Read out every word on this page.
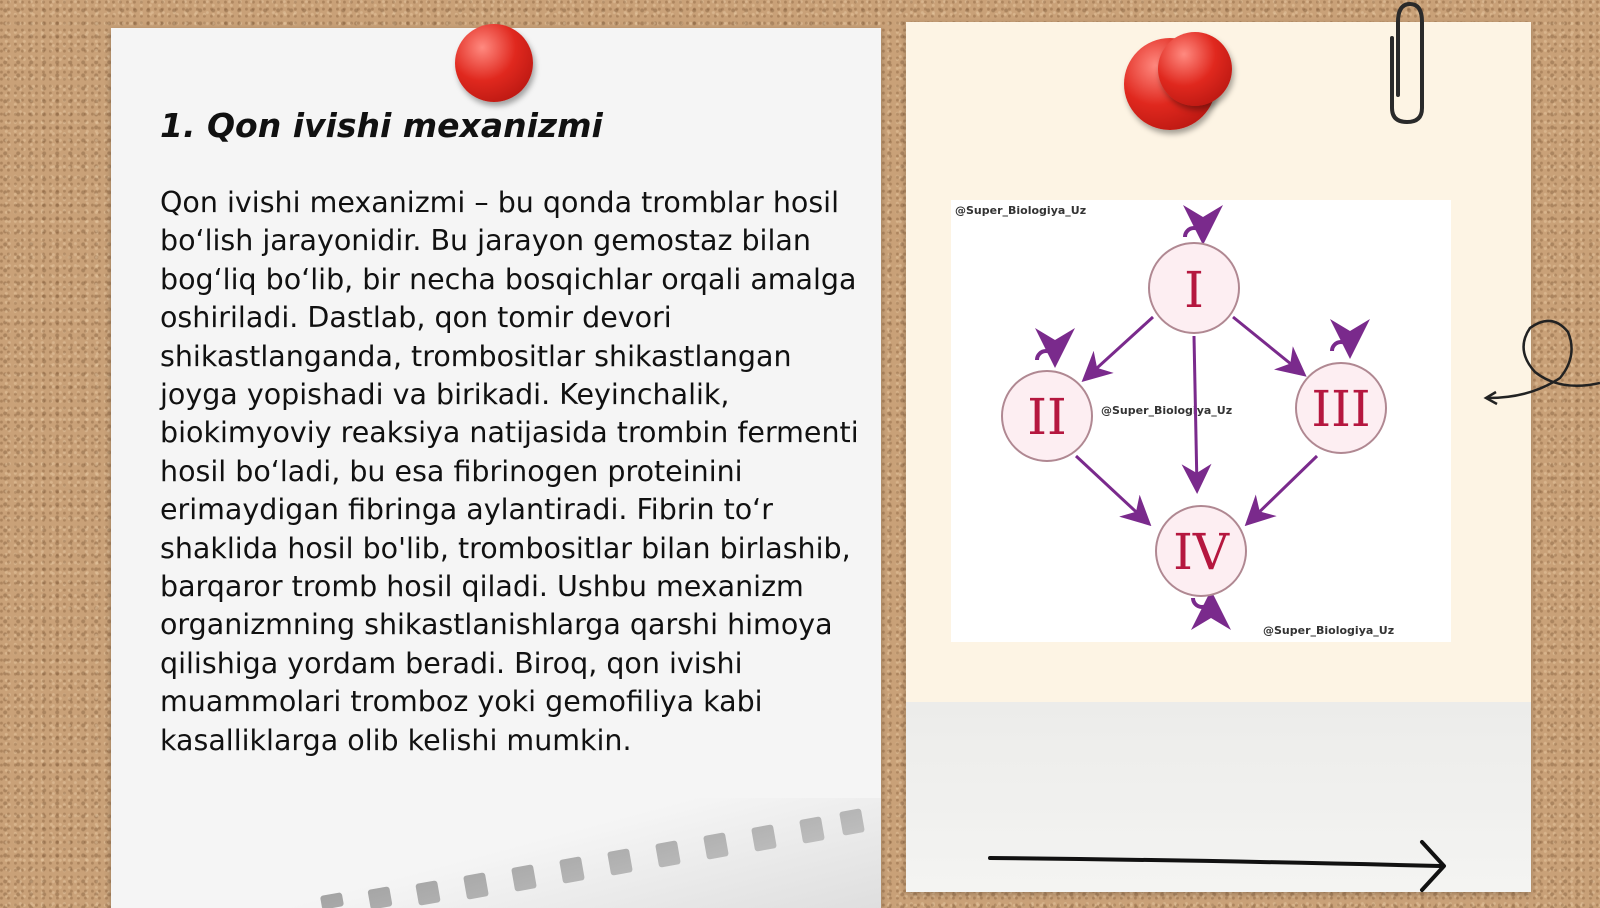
1. Qon ivishi mexanizmi

Qon ivishi mexanizmi – bu qonda tromblar hosil bo‘lish jarayonidir. Bu jarayon gemostaz bilan bog‘liq bo‘lib, bir necha bosqichlar orqali amalga oshiriladi. Dastlab, qon tomir devori shikastlanganda, trombositlar shikastlangan joyga yopishadi va birikadi. Keyinchalik, biokimyoviy reaksiya natijasida trombin fermenti hosil bo‘ladi, bu esa fibrinogen proteinini erimaydigan fibringa aylantiradi. Fibrin to‘r shaklida hosil bo'lib, trombositlar bilan birlashib, barqaror tromb hosil qiladi. Ushbu mexanizm organizmning shikastlanishlarga qarshi himoya qilishiga yordam beradi. Biroq, qon ivishi muammolari tromboz yoki gemofiliya kabi kasalliklarga olib kelishi mumkin.

@Super_Biologiya_Uz
@Super_Biologiya_Uz
@Super_Biologiya_Uz
I
II	III
IV
